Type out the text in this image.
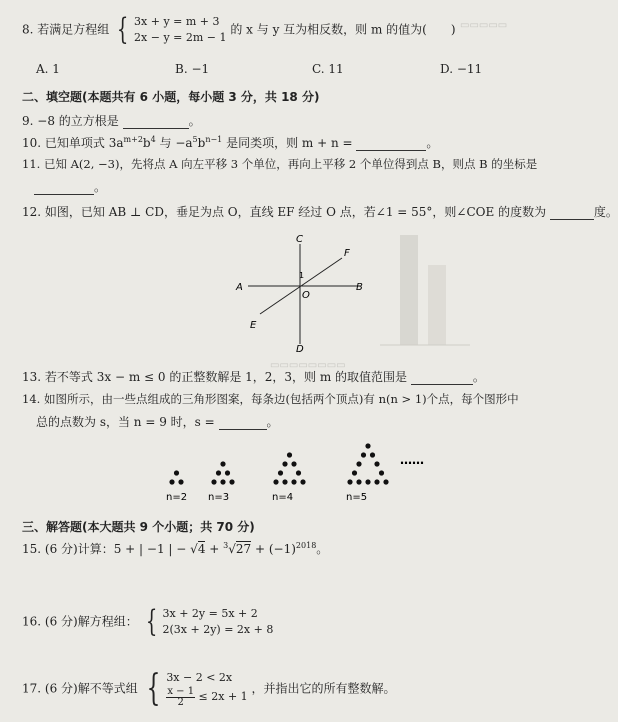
▭▭▭▭▭
▭▭▭▭▭▭▭▭
8. 若满足方程组 { 3x + y = m + 3
2x − y = 2m − 1 的 x 与 y 互为相反数，则 m 的值为(　　)
A. 1	B. −1	C. 11	D. −11
二、填空题(本题共有 6 小题，每小题 3 分，共 18 分)
9. −8 的立方根是	。
10. 已知单项式 $3a^{m+2}b^4$ 与 $-a^5b^{n-1}$ 是同类项，则 m + n =	。
11. 已知 A(2, −3)，先将点 A 向左平移 3 个单位，再向上平移 2 个单位得到点 B，则点 B 的坐标是
。
12. 如图，已知 AB ⊥ CD，垂足为点 O，直线 EF 经过 O 点，若∠1 = 55°，则∠COE 的度数为	度。
C
A	B
F
E
D
O
1
13. 若不等式 3x − m ≤ 0 的正整数解是 1，2，3，则 m 的取值范围是	。
14. 如图所示，由一些点组成的三角形图案，每条边(包括两个顶点)有 n(n > 1)个点，每个图形中
总的点数为 s，当 n = 9 时，s =	。
n=2 n=3	n=4	n=5
……
三、解答题(本大题共 9 个小题；共 70 分)
15. (6 分)计算：5 + | −1 | − $√4 + ^3√27 + (-1)^{2018}$。
16. (6 分)解方程组： { 3x + 2y = 5x + 2
2(3x + 2y) = 2x + 8
17. (6 分)解不等式组 { 3x − 2 < 2x
$\frac{x - 1}{2} \le 2x + 1$ ，并指出它的所有整数解。
